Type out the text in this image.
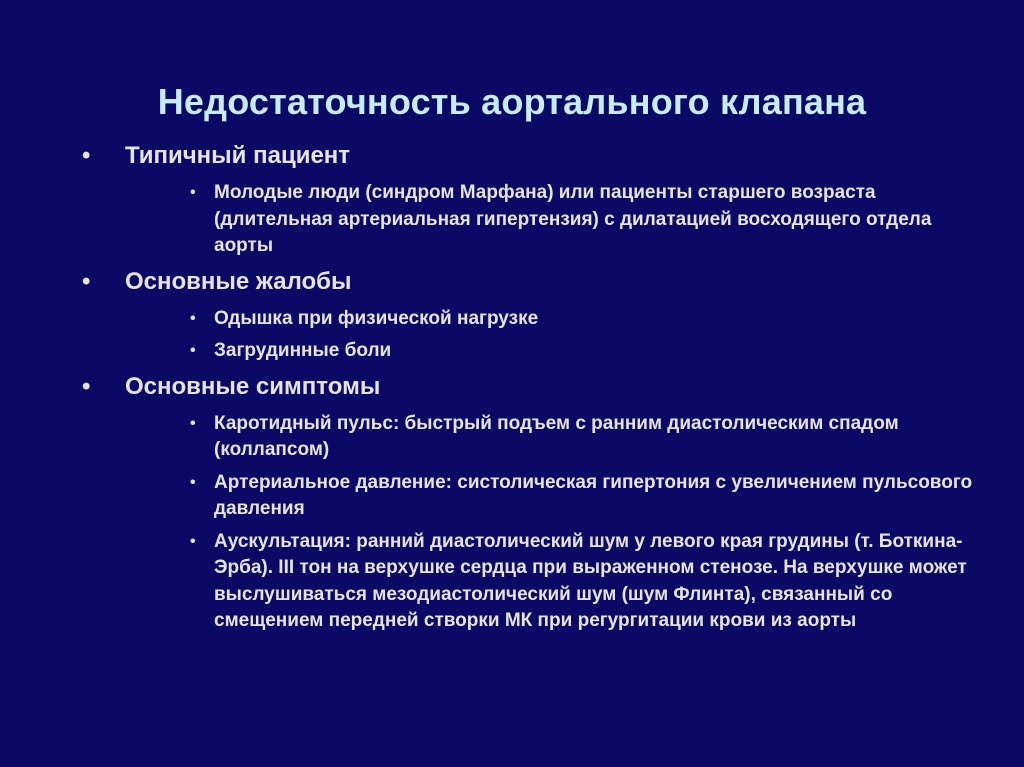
Недостаточность аортального клапана
• Типичный пациент
• Молодые люди (синдром Марфана) или пациенты старшего возраста (длительная артериальная гипертензия) с дилатацией восходящего отдела аорты
• Основные жалобы
• Одышка при физической нагрузке
• Загрудинные боли
• Основные симптомы
• Каротидный пульс: быстрый подъем с ранним диастолическим спадом (коллапсом)
• Артериальное давление: систолическая гипертония с увеличением пульсового давления
• Аускультация: ранний диастолический шум у левого края грудины (т. Боткина-Эрба). III тон на верхушке сердца при выраженном стенозе. На верхушке может выслушиваться мезодиастолический шум (шум Флинта), связанный со смещением передней створки МК при регургитации крови из аорты
